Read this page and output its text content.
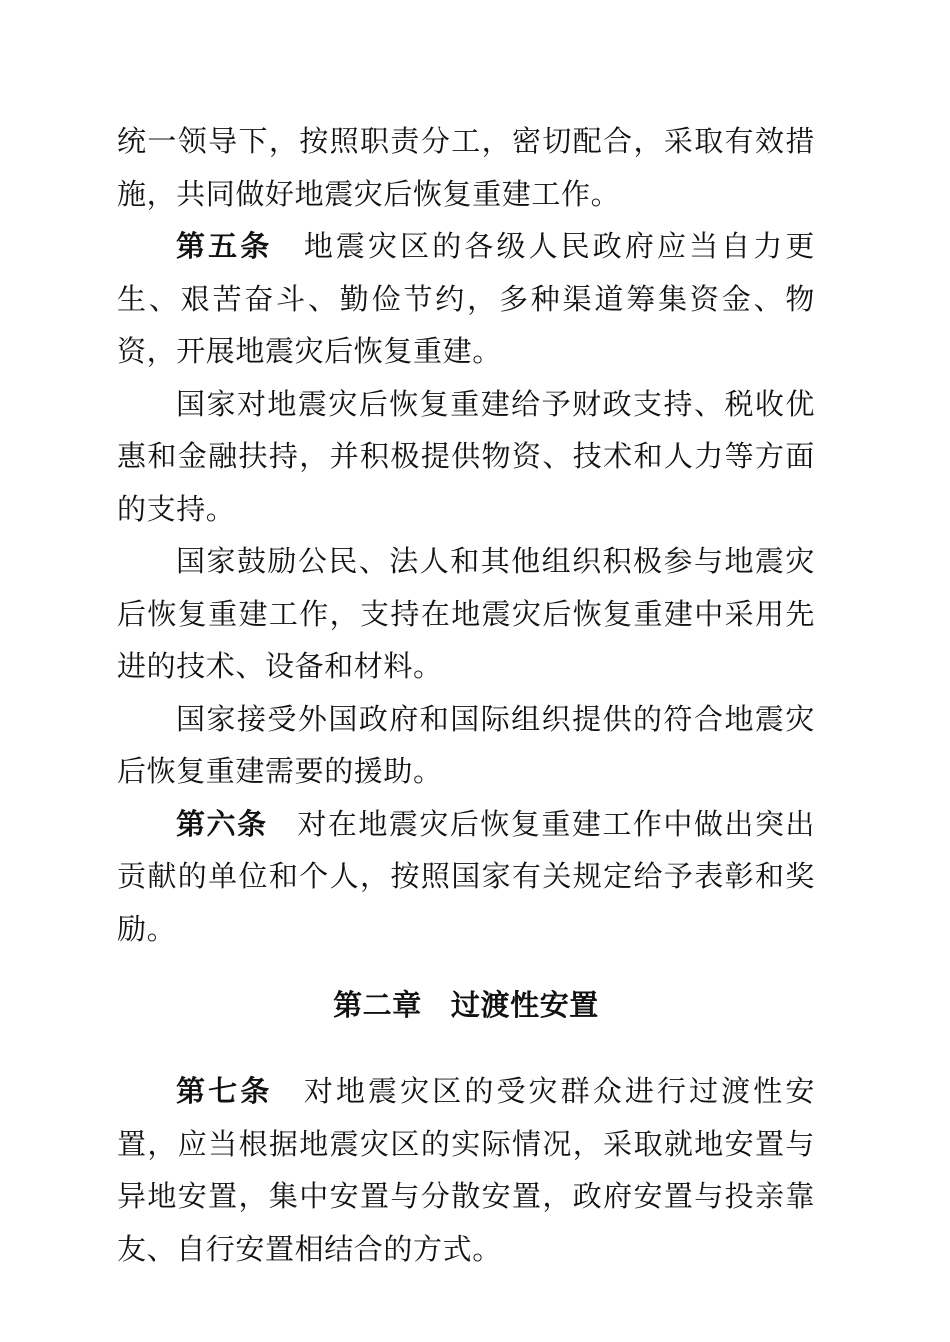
统一领导下，按照职责分工，密切配合，采取有效措施，共同做好地震灾后恢复重建工作。

第五条 地震灾区的各级人民政府应当自力更生、艰苦奋斗、勤俭节约，多种渠道筹集资金、物资，开展地震灾后恢复重建。

国家对地震灾后恢复重建给予财政支持、税收优惠和金融扶持，并积极提供物资、技术和人力等方面的支持。

国家鼓励公民、法人和其他组织积极参与地震灾后恢复重建工作，支持在地震灾后恢复重建中采用先进的技术、设备和材料。

国家接受外国政府和国际组织提供的符合地震灾后恢复重建需要的援助。

第六条 对在地震灾后恢复重建工作中做出突出贡献的单位和个人，按照国家有关规定给予表彰和奖励。

第二章 过渡性安置

第七条 对地震灾区的受灾群众进行过渡性安置，应当根据地震灾区的实际情况，采取就地安置与异地安置，集中安置与分散安置，政府安置与投亲靠友、自行安置相结合的方式。
